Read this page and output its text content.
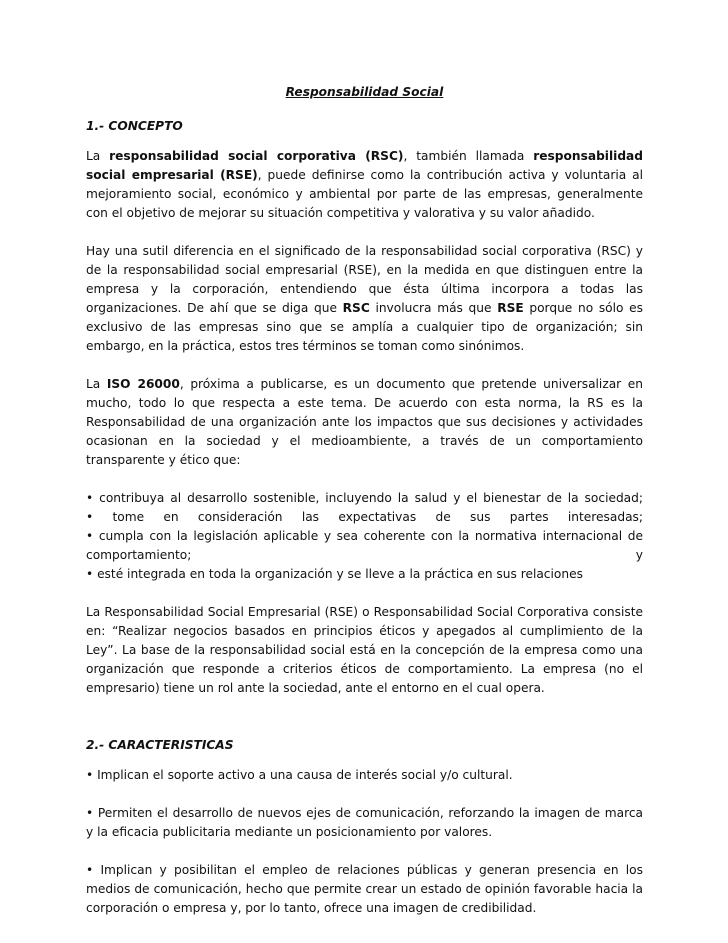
Responsabilidad Social
1.- CONCEPTO

La responsabilidad social corporativa (RSC), también llamada responsabilidad social empresarial (RSE), puede definirse como la contribución activa y voluntaria al mejoramiento social, económico y ambiental por parte de las empresas, generalmente con el objetivo de mejorar su situación competitiva y valorativa y su valor añadido.

Hay una sutil diferencia en el significado de la responsabilidad social corporativa (RSC) y de la responsabilidad social empresarial (RSE), en la medida en que distinguen entre la empresa y la corporación, entendiendo que ésta última incorpora a todas las organizaciones. De ahí que se diga que RSC involucra más que RSE porque no sólo es exclusivo de las empresas sino que se amplía a cualquier tipo de organización; sin embargo, en la práctica, estos tres términos se toman como sinónimos.

La ISO 26000, próxima a publicarse, es un documento que pretende universalizar en mucho, todo lo que respecta a este tema. De acuerdo con esta norma, la RS es la Responsabilidad de una organización ante los impactos que sus decisiones y actividades ocasionan en la sociedad y el medioambiente, a través de un comportamiento transparente y ético que:

• contribuya al desarrollo sostenible, incluyendo la salud y el bienestar de la sociedad;
• tome en consideración las expectativas de sus partes interesadas;
• cumpla con la legislación aplicable y sea coherente con la normativa internacional de
comportamiento; y
• esté integrada en toda la organización y se lleve a la práctica en sus relaciones

La Responsabilidad Social Empresarial (RSE) o Responsabilidad Social Corporativa consiste en: “Realizar negocios basados en principios éticos y apegados al cumplimiento de la Ley”. La base de la responsabilidad social está en la concepción de la empresa como una organización que responde a criterios éticos de comportamiento. La empresa (no el empresario) tiene un rol ante la sociedad, ante el entorno en el cual opera.

2.- CARACTERISTICAS

• Implican el soporte activo a una causa de interés social y/o cultural.

• Permiten el desarrollo de nuevos ejes de comunicación, reforzando la imagen de marca y la eficacia publicitaria mediante un posicionamiento por valores.

• Implican y posibilitan el empleo de relaciones públicas y generan presencia en los medios de comunicación, hecho que permite crear un estado de opinión favorable hacia la corporación o empresa y, por lo tanto, ofrece una imagen de credibilidad.
